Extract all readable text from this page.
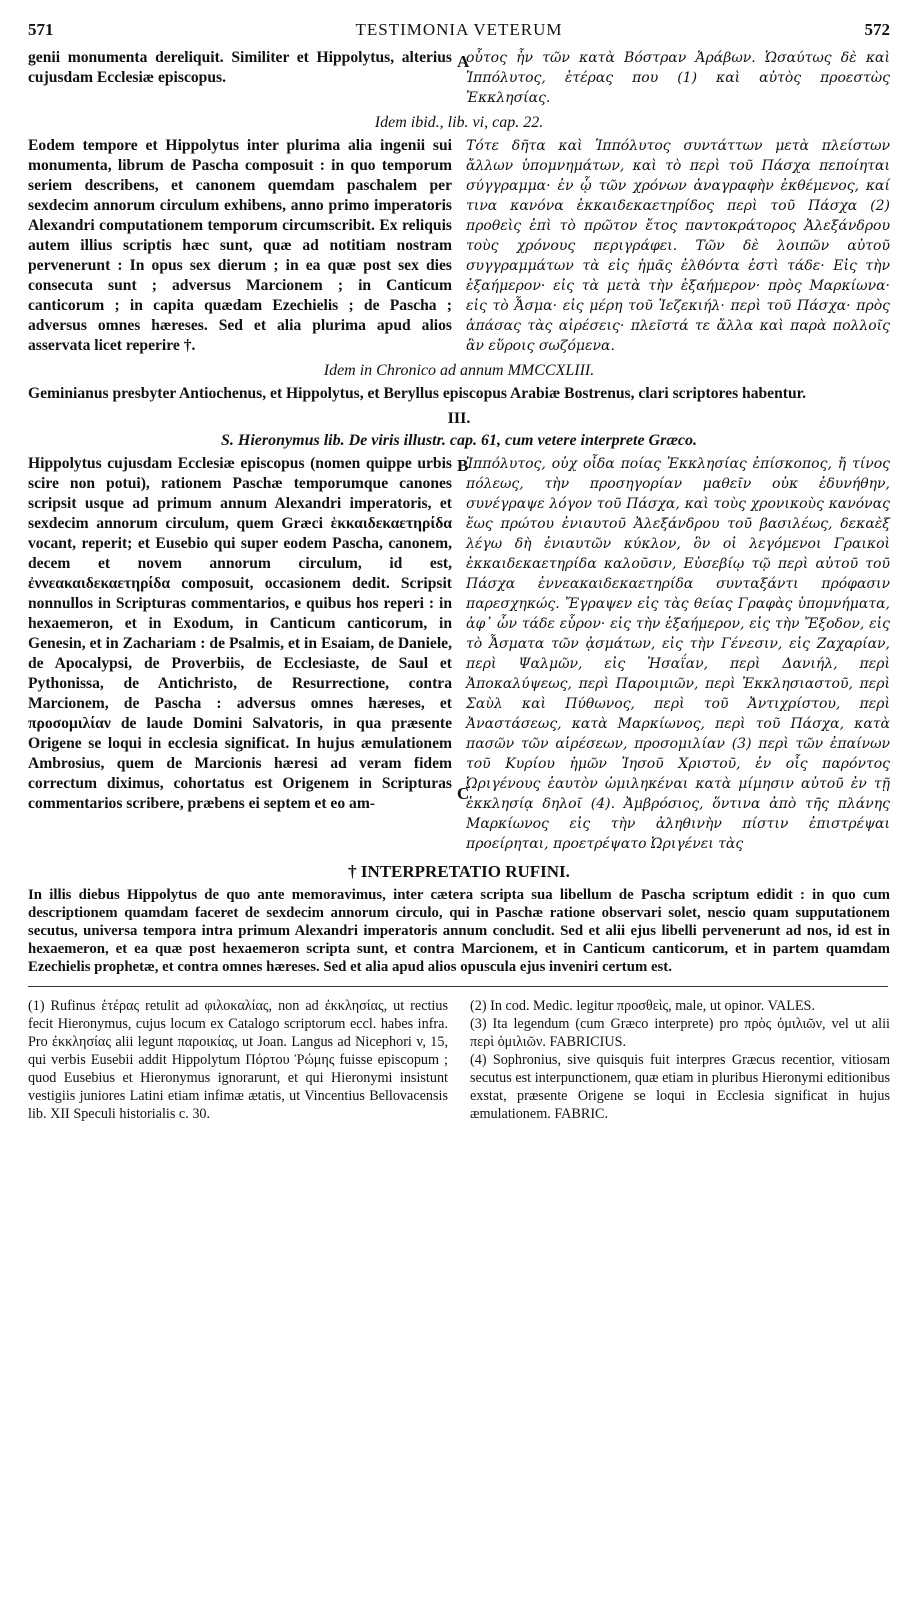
571	TESTIMONIA VETERUM	572
genii monumenta dereliquit. Similiter et Hippolytus, alterius cujusdam Ecclesiæ episcopus.
A
οὗτος ἦν τῶν κατὰ Βόστραν Ἀράβων. Ὡσαύτως δὲ καὶ Ἱππόλυτος, ἑτέρας που (1) καὶ αὐτὸς προεστὼς Ἐκκλησίας.
Idem ibid., lib. vi, cap. 22.
Eodem tempore et Hippolytus inter plurima alia ingenii sui monumenta, librum de Pascha composuit : in quo temporum seriem describens, et canonem quemdam paschalem per sexdecim annorum circulum exhibens, anno primo imperatoris Alexandri computationem temporum circumscribit. Ex reliquis autem illius scriptis hæc sunt, quæ ad notitiam nostram pervenerunt : In opus sex dierum ; in ea quæ post sex dies consecuta sunt ; adversus Marcionem ; in Canticum canticorum ; in capita quædam Ezechielis ; de Pascha ; adversus omnes hæreses. Sed et alia plurima apud alios asservata licet reperire †.
Τότε δῆτα καὶ Ἱππόλυτος συντάττων μετὰ πλείστων ἄλλων ὑπομνημάτων, καὶ τὸ περὶ τοῦ Πάσχα πεποίηται σύγγραμμα· ἐν ᾧ τῶν χρόνων ἀναγραφὴν ἐκθέμενος, καί τινα κανόνα ἑκκαιδεκαετηρίδος περὶ τοῦ Πάσχα (2) προθεὶς ἐπὶ τὸ πρῶτον ἔτος παντοκράτορος Ἀλεξάνδρου τοὺς χρόνους περιγράφει. Τῶν δὲ λοιπῶν αὐτοῦ συγγραμμάτων τὰ εἰς ἡμᾶς ἐλθόντα ἐστὶ τάδε· Εἰς τὴν ἑξαήμερον· εἰς τὰ μετὰ τὴν ἑξαήμερον· πρὸς Μαρκίωνα· εἰς τὸ Ἆσμα· εἰς μέρη τοῦ Ἰεζεκιήλ· περὶ τοῦ Πάσχα· πρὸς ἁπάσας τὰς αἱρέσεις· πλεῖστά τε ἄλλα καὶ παρὰ πολλοῖς ἂν εὕροις σωζόμενα.
Idem in Chronico ad annum MMCCXLIII.
Geminianus presbyter Antiochenus, et Hippolytus, et Beryllus episcopus Arabiæ Bostrenus, clari scriptores habentur.
III.
S. Hieronymus lib. De viris illustr. cap. 61, cum vetere interprete Græco.
Hippolytus cujusdam Ecclesiæ episcopus (nomen quippe urbis scire non potui), rationem Paschæ temporumque canones scripsit usque ad primum annum Alexandri imperatoris, et sexdecim annorum circulum, quem Græci ἑκκαιδεκαετηρίδα vocant, reperit; et Eusebio qui super eodem Pascha, canonem, decem et novem annorum circulum, id est, ἐννεακαιδεκαετηρίδα composuit, occasionem dedit. Scripsit nonnullos in Scripturas commentarios, e quibus hos reperi : in hexaemeron, et in Exodum, in Canticum canticorum, in Genesin, et in Zachariam : de Psalmis, et in Esaiam, de Daniele, de Apocalypsi, de Proverbiis, de Ecclesiaste, de Saul et Pythonissa, de Antichristo, de Resurrectione, contra Marcionem, de Pascha : adversus omnes hæreses, et προσομιλίαν de laude Domini Salvatoris, in qua præsente Origene se loqui in ecclesia significat. In hujus æmulationem Ambrosius, quem de Marcionis hæresi ad veram fidem correctum diximus, cohortatus est Origenem in Scripturas commentarios scribere, præbens ei septem et eo am-
B
C
Ἱππόλυτος, οὐχ οἶδα ποίας Ἐκκλησίας ἐπίσκοπος, ἤ τίνος πόλεως, τὴν προσηγορίαν μαθεῖν οὐκ ἐδυνήθην, συνέγραψε λόγον τοῦ Πάσχα, καὶ τοὺς χρονικοὺς κανόνας ἕως πρώτου ἐνιαυτοῦ Ἀλεξάνδρου τοῦ βασιλέως, δεκαὲξ λέγω δὴ ἐνιαυτῶν κύκλον, ὃν οἱ λεγόμενοι Γραικοὶ ἑκκαιδεκαετηρίδα καλοῦσιν, Εὐσεβίῳ τῷ περὶ αὐτοῦ τοῦ Πάσχα ἐννεακαιδεκαετηρίδα συνταξάντι πρόφασιν παρεσχηκώς. Ἔγραψεν εἰς τὰς θείας Γραφὰς ὑπομνήματα, ἀφ᾽ ὧν τάδε εὗρον· εἰς τὴν ἑξαήμερον, εἰς τὴν Ἔξοδον, εἰς τὸ Ἆσματα τῶν ᾀσμάτων, εἰς τὴν Γένεσιν, εἰς Ζαχαρίαν, περὶ Ψαλμῶν, εἰς Ἠσαΐαν, περὶ Δανιήλ, περὶ Ἀποκαλύψεως, περὶ Παροιμιῶν, περὶ Ἐκκλησιαστοῦ, περὶ Σαὺλ καὶ Πύθωνος, περὶ τοῦ Ἀντιχρίστου, περὶ Ἀναστάσεως, κατὰ Μαρκίωνος, περὶ τοῦ Πάσχα, κατὰ πασῶν τῶν αἱρέσεων, προσομιλίαν (3) περὶ τῶν ἐπαίνων τοῦ Κυρίου ἡμῶν Ἰησοῦ Χριστοῦ, ἐν οἷς παρόντος Ὠριγένους ἑαυτὸν ὡμιληκέναι κατὰ μίμησιν αὐτοῦ ἐν τῇ ἐκκλησίᾳ δηλοῖ (4). Ἀμβρόσιος, ὅντινα ἀπὸ τῆς πλάνης Μαρκίωνος εἰς τὴν ἀληθινὴν πίστιν ἐπιστρέψαι προείρηται, προετρέψατο Ὠριγένει τὰς
† INTERPRETATIO RUFINI.
In illis diebus Hippolytus de quo ante memoravimus, inter cætera scripta sua libellum de Pascha scriptum edidit : in quo cum descriptionem quamdam faceret de sexdecim annorum circulo, qui in Paschæ ratione observari solet, nescio quam supputationem secutus, universa tempora intra primum Alexandri imperatoris annum concludit. Sed et alii ejus libelli pervenerunt ad nos, id est in hexaemeron, et ea quæ post hexaemeron scripta sunt, et contra Marcionem, et in Canticum canticorum, et in partem quamdam Ezechielis prophetæ, et contra omnes hæreses. Sed et alia apud alios opuscula ejus inveniri certum est.
(1) Rufinus ἑτέρας retulit ad φιλοκαλίας, non ad ἐκκλησίας, ut rectius fecit Hieronymus, cujus locum ex Catalogo scriptorum eccl. habes infra. Pro ἐκκλησίας alii legunt παροικίας, ut Joan. Langus ad Nicephori v, 15, qui verbis Eusebii addit Hippolytum Πόρτου Ῥώμης fuisse episcopum ; quod Eusebius et Hieronymus ignorarunt, et qui Hieronymi insistunt vestigiis juniores Latini etiam infimæ ætatis, ut Vincentius Bellovacensis lib. XII Speculi historialis c. 30.
(2) In cod. Medic. legitur προσθεὶς, male, ut opinor. VALES.
(3) Ita legendum (cum Græco interprete) pro πρὸς ὁμιλιῶν, vel ut alii περὶ ὁμιλιῶν. FABRICIUS.
(4) Sophronius, sive quisquis fuit interpres Græcus recentior, vitiosam secutus est interpunctionem, quæ etiam in pluribus Hieronymi editionibus exstat, præsente Origene se loqui in Ecclesia significat in hujus æmulationem. FABRIC.
